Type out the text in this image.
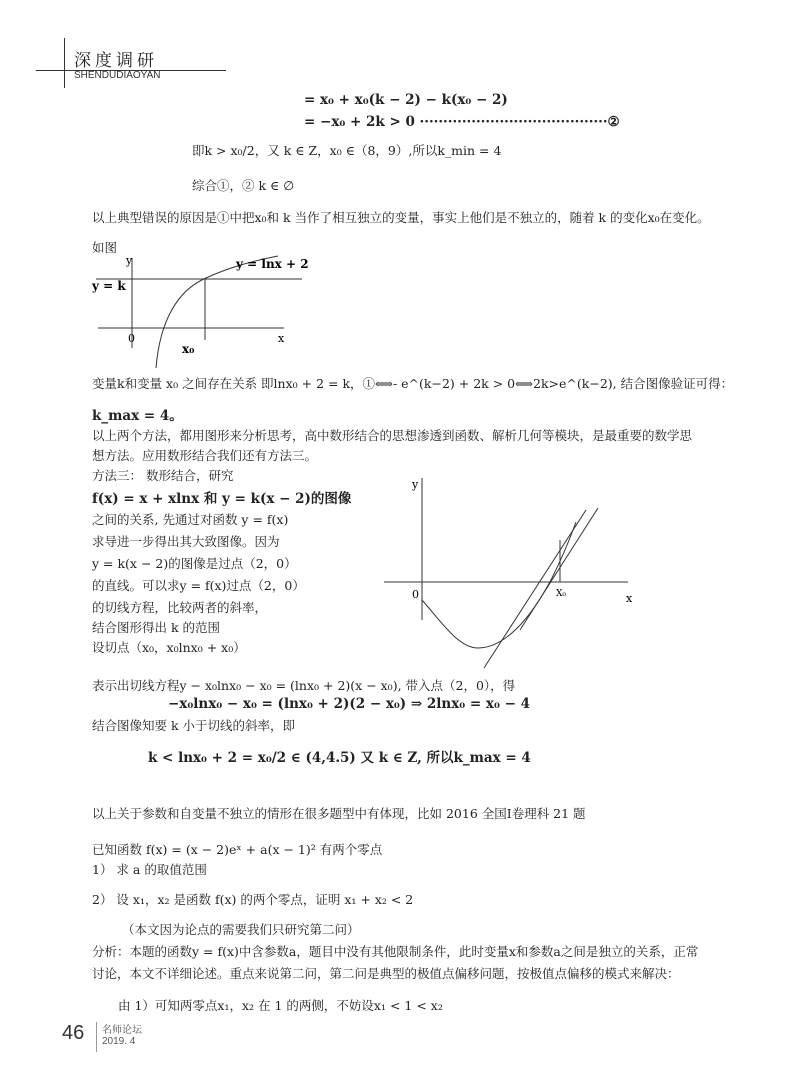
深度调研
SHENDUDIAOYAN
= x₀ + x₀(k − 2) − k(x₀ − 2)
= −x₀ + 2k > 0 ········································②
即k > x₀/2，又 k ∈ Z，x₀ ∈（8，9）,所以k_min = 4
综合①，② k ∈ ∅
以上典型错误的原因是①中把x₀和 k 当作了相互独立的变量，事实上他们是不独立的，随着 k 的变化x₀在变化。
如图
y
x
0
y = lnx + 2
y = k
x₀
变量k和变量 x₀ 之间存在关系 即lnx₀ + 2 = k，①⟺- e^(k−2) + 2k > 0⟺2k>e^(k−2), 结合图像验证可得：
k_max = 4。
以上两个方法，都用图形来分析思考，高中数形结合的思想渗透到函数、解析几何等模块，是最重要的数学思
想方法。应用数形结合我们还有方法三。
方法三： 数形结合，研究
f(x) = x + xlnx 和 y = k(x − 2)的图像
之间的关系, 先通过对函数 y = f(x)
求导进一步得出其大致图像。因为
y = k(x − 2)的图像是过点（2，0）
的直线。可以求y = f(x)过点（2，0）
的切线方程，比较两者的斜率，
结合图形得出 k 的范围
设切点（x₀，x₀lnx₀ + x₀）
y
x
0	X₀
表示出切线方程y − x₀lnx₀ − x₀ = (lnx₀ + 2)(x − x₀), 带入点（2，0），得
−x₀lnx₀ − x₀ = (lnx₀ + 2)(2 − x₀) ⇒ 2lnx₀ = x₀ − 4
结合图像知要 k 小于切线的斜率，即
k < lnx₀ + 2 = x₀/2 ∈ (4,4.5) 又 k ∈ Z, 所以k_max = 4
以上关于参数和自变量不独立的情形在很多题型中有体现，比如 2016 全国Ⅰ卷理科 21 题
已知函数 f(x) = (x − 2)eˣ + a(x − 1)² 有两个零点
1） 求 a 的取值范围
2） 设 x₁，x₂ 是函数 f(x) 的两个零点，证明 x₁ + x₂ < 2
（本文因为论点的需要我们只研究第二问）
分析：本题的函数y = f(x)中含参数a，题目中没有其他限制条件，此时变量x和参数a之间是独立的关系，正常
讨论，本文不详细论述。重点来说第二问，第二问是典型的极值点偏移问题，按极值点偏移的模式来解决：
由 1）可知两零点x₁，x₂ 在 1 的两侧，不妨设x₁ < 1 < x₂
46 名师论坛
2019. 4
